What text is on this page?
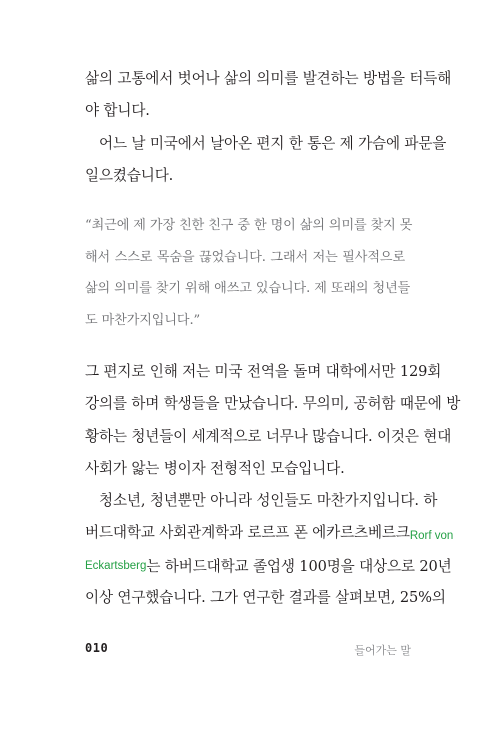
삶의 고통에서 벗어나 삶의 의미를 발견하는 방법을 터득해
야 합니다.
어느 날 미국에서 날아온 편지 한 통은 제 가슴에 파문을
일으켰습니다.
“최근에 제 가장 친한 친구 중 한 명이 삶의 의미를 찾지 못
해서 스스로 목숨을 끊었습니다. 그래서 저는 필사적으로
삶의 의미를 찾기 위해 애쓰고 있습니다. 제 또래의 청년들
도 마찬가지입니다.”
그 편지로 인해 저는 미국 전역을 돌며 대학에서만 129회
강의를 하며 학생들을 만났습니다. 무의미, 공허함 때문에 방
황하는 청년들이 세계적으로 너무나 많습니다. 이것은 현대
사회가 앓는 병이자 전형적인 모습입니다.
청소년, 청년뿐만 아니라 성인들도 마찬가지입니다. 하
버드대학교 사회관계학과 로르프 폰 에카르츠베르크Rorf von
Eckartsberg는 하버드대학교 졸업생 100명을 대상으로 20년
이상 연구했습니다. 그가 연구한 결과를 살펴보면, 25%의
010	들어가는 말
